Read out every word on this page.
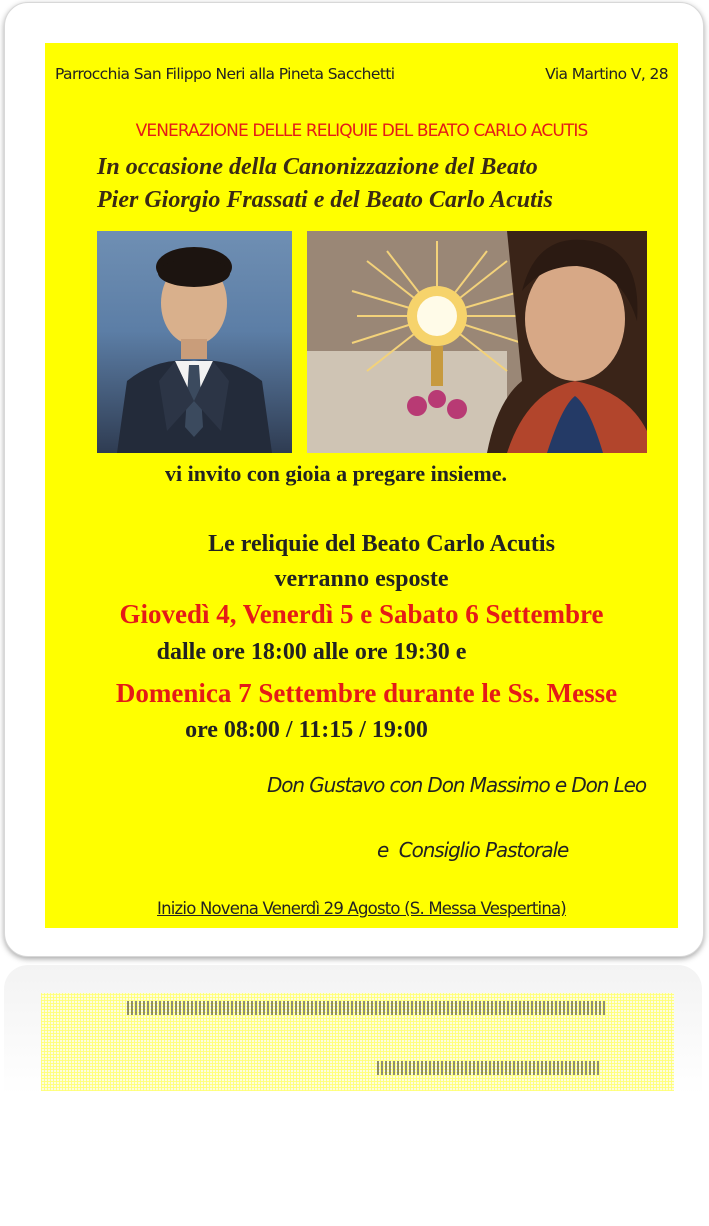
Parrocchia San Filippo Neri alla Pineta Sacchetti	Via Martino V, 28
VENERAZIONE DELLE RELIQUIE DEL BEATO CARLO ACUTIS
In occasione della Canonizzazione del Beato
Pier Giorgio Frassati e del Beato Carlo Acutis
vi invito con gioia a pregare insieme.
Le reliquie del Beato Carlo Acutis
verranno esposte
Giovedì 4, Venerdì 5 e Sabato 6 Settembre
dalle ore 18:00 alle ore 19:30 e
Domenica 7 Settembre durante le Ss. Messe
ore 08:00 / 11:15 / 19:00
Don Gustavo con Don Massimo e Don Leo
e  Consiglio Pastorale
Inizio Novena Venerdì 29 Agosto (S. Messa Vespertina)
